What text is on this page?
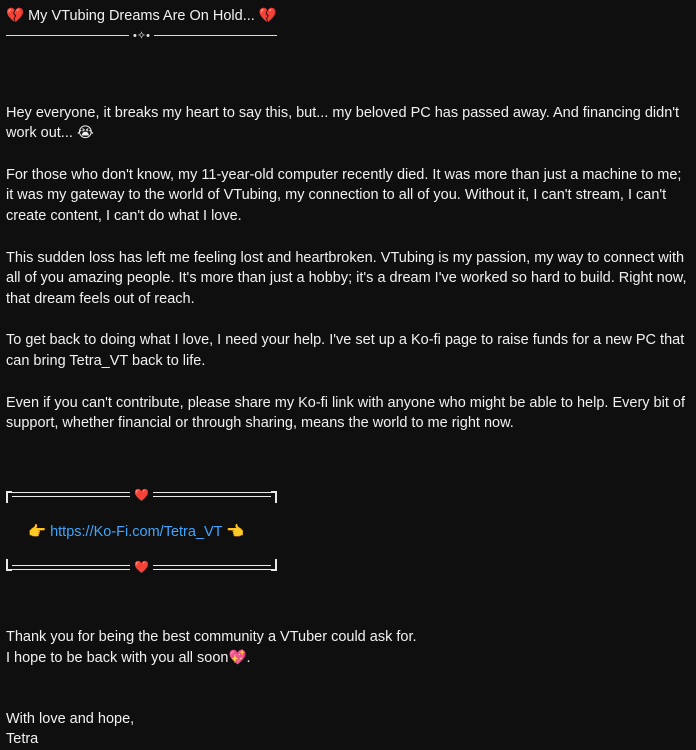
💔 My VTubing Dreams Are On Hold... 💔
•✧•

Hey everyone, it breaks my heart to say this, but... my beloved PC has passed away. And financing didn't work out... 😭

For those who don't know, my 11-year-old computer recently died. It was more than just a machine to me; it was my gateway to the world of VTubing, my connection to all of you. Without it, I can't stream, I can't create content, I can't do what I love.

This sudden loss has left me feeling lost and heartbroken. VTubing is my passion, my way to connect with all of you amazing people. It's more than just a hobby; it's a dream I've worked so hard to build. Right now, that dream feels out of reach.

To get back to doing what I love, I need your help. I've set up a Ko-fi page to raise funds for a new PC that can bring Tetra_VT back to life.

Even if you can't contribute, please share my Ko-fi link with anyone who might be able to help. Every bit of support, whether financial or through sharing, means the world to me right now.

❤️
👉 https://Ko-Fi.com/Tetra_VT 👈
❤️
Thank you for being the best community a VTuber could ask for.
I hope to be back with you all soon💖.
With love and hope,
Tetra
